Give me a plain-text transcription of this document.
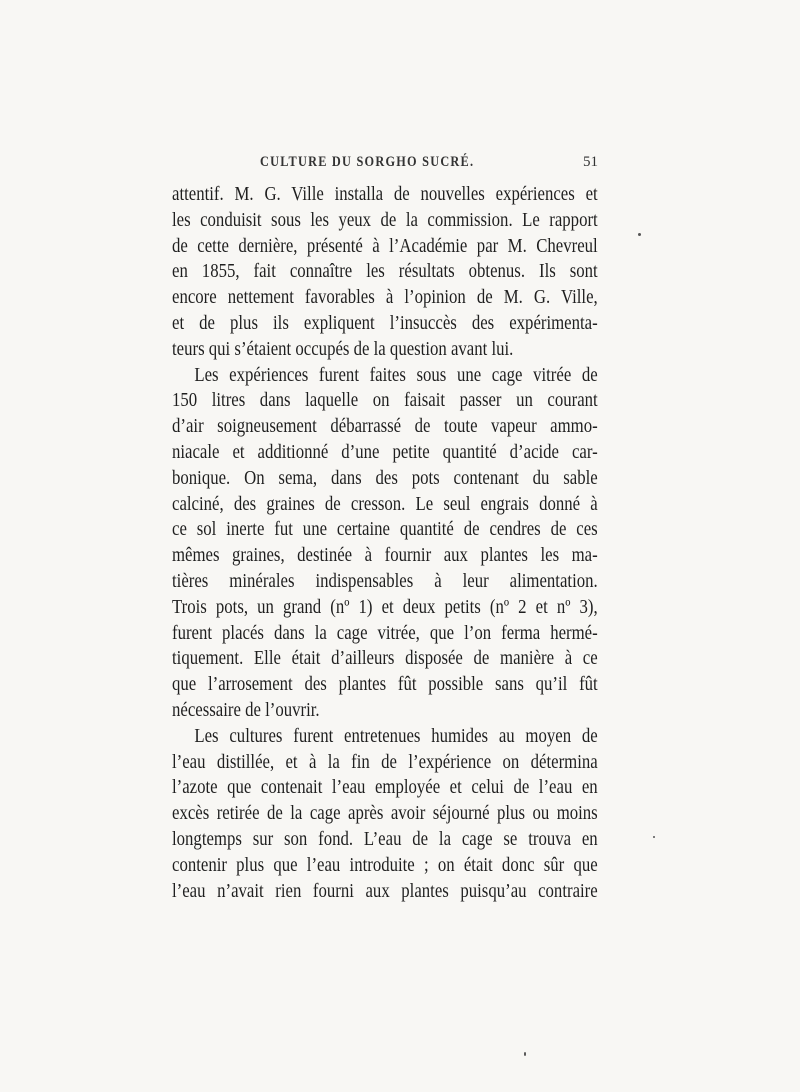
CULTURE DU SORGHO SUCRÉ.	51
attentif. M. G. Ville installa de nouvelles expériences et
les conduisit sous les yeux de la commission. Le rapport
de cette dernière, présenté à l’Académie par M. Chevreul
en 1855, fait connaître les résultats obtenus. Ils sont
encore nettement favorables à l’opinion de M. G. Ville,
et de plus ils expliquent l’insuccès des expérimenta-
teurs qui s’étaient occupés de la question avant lui.
Les expériences furent faites sous une cage vitrée de
150 litres dans laquelle on faisait passer un courant
d’air soigneusement débarrassé de toute vapeur ammo-
niacale et additionné d’une petite quantité d’acide car-
bonique. On sema, dans des pots contenant du sable
calciné, des graines de cresson. Le seul engrais donné à
ce sol inerte fut une certaine quantité de cendres de ces
mêmes graines, destinée à fournir aux plantes les ma-
tières minérales indispensables à leur alimentation.
Trois pots, un grand (nº 1) et deux petits (nº 2 et nº 3),
furent placés dans la cage vitrée, que l’on ferma hermé-
tiquement. Elle était d’ailleurs disposée de manière à ce
que l’arrosement des plantes fût possible sans qu’il fût
nécessaire de l’ouvrir.
Les cultures furent entretenues humides au moyen de
l’eau distillée, et à la fin de l’expérience on détermina
l’azote que contenait l’eau employée et celui de l’eau en
excès retirée de la cage après avoir séjourné plus ou moins
longtemps sur son fond. L’eau de la cage se trouva en
contenir plus que l’eau introduite ; on était donc sûr que
l’eau n’avait rien fourni aux plantes puisqu’au contraire
